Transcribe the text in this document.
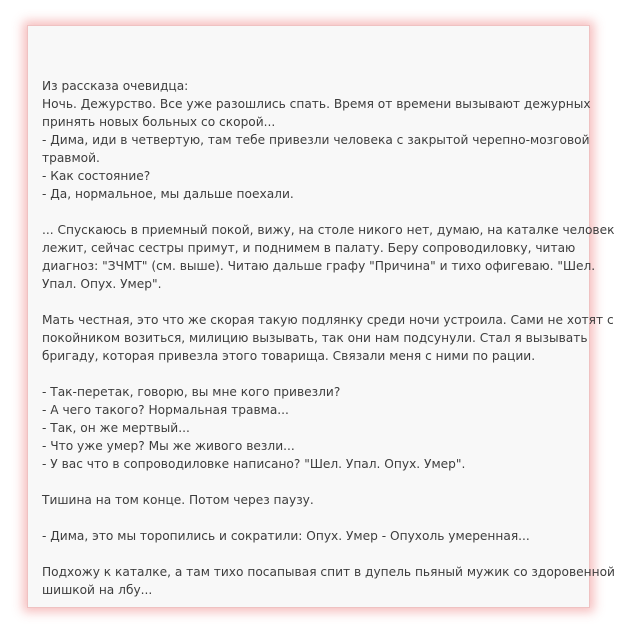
Из рассказа очевидца:
Ночь. Дежурство. Все уже разошлись спать. Время от времени вызывают дежурных
принять новых больных со скорой...
- Дима, иди в четвертую, там тебе привезли человека с закрытой черепно-мозговой
травмой.
- Как состояние?
- Да, нормальное, мы дальше поехали.
... Спускаюсь в приемный покой, вижу, на столе никого нет, думаю, на каталке человек
лежит, сейчас сестры примут, и поднимем в палату. Беру сопроводиловку, читаю
диагноз: "ЗЧМТ" (см. выше). Читаю дальше графу "Причина" и тихо офигеваю. "Шел.
Упал. Опух. Умер".
Мать честная, это что же скорая такую подлянку среди ночи устроила. Сами не хотят с
покойником возиться, милицию вызывать, так они нам подсунули. Стал я вызывать
бригаду, которая привезла этого товарища. Связали меня с ними по рации.
- Так-перетак, говорю, вы мне кого привезли?
- А чего такого? Нормальная травма...
- Так, он же мертвый...
- Что уже умер? Мы же живого везли...
- У вас что в сопроводиловке написано? "Шел. Упал. Опух. Умер".
Тишина на том конце. Потом через паузу.
- Дима, это мы торопились и сократили: Опух. Умер - Опухоль умеренная...
Подхожу к каталке, а там тихо посапывая спит в дупель пьяный мужик со здоровенной
шишкой на лбу...
